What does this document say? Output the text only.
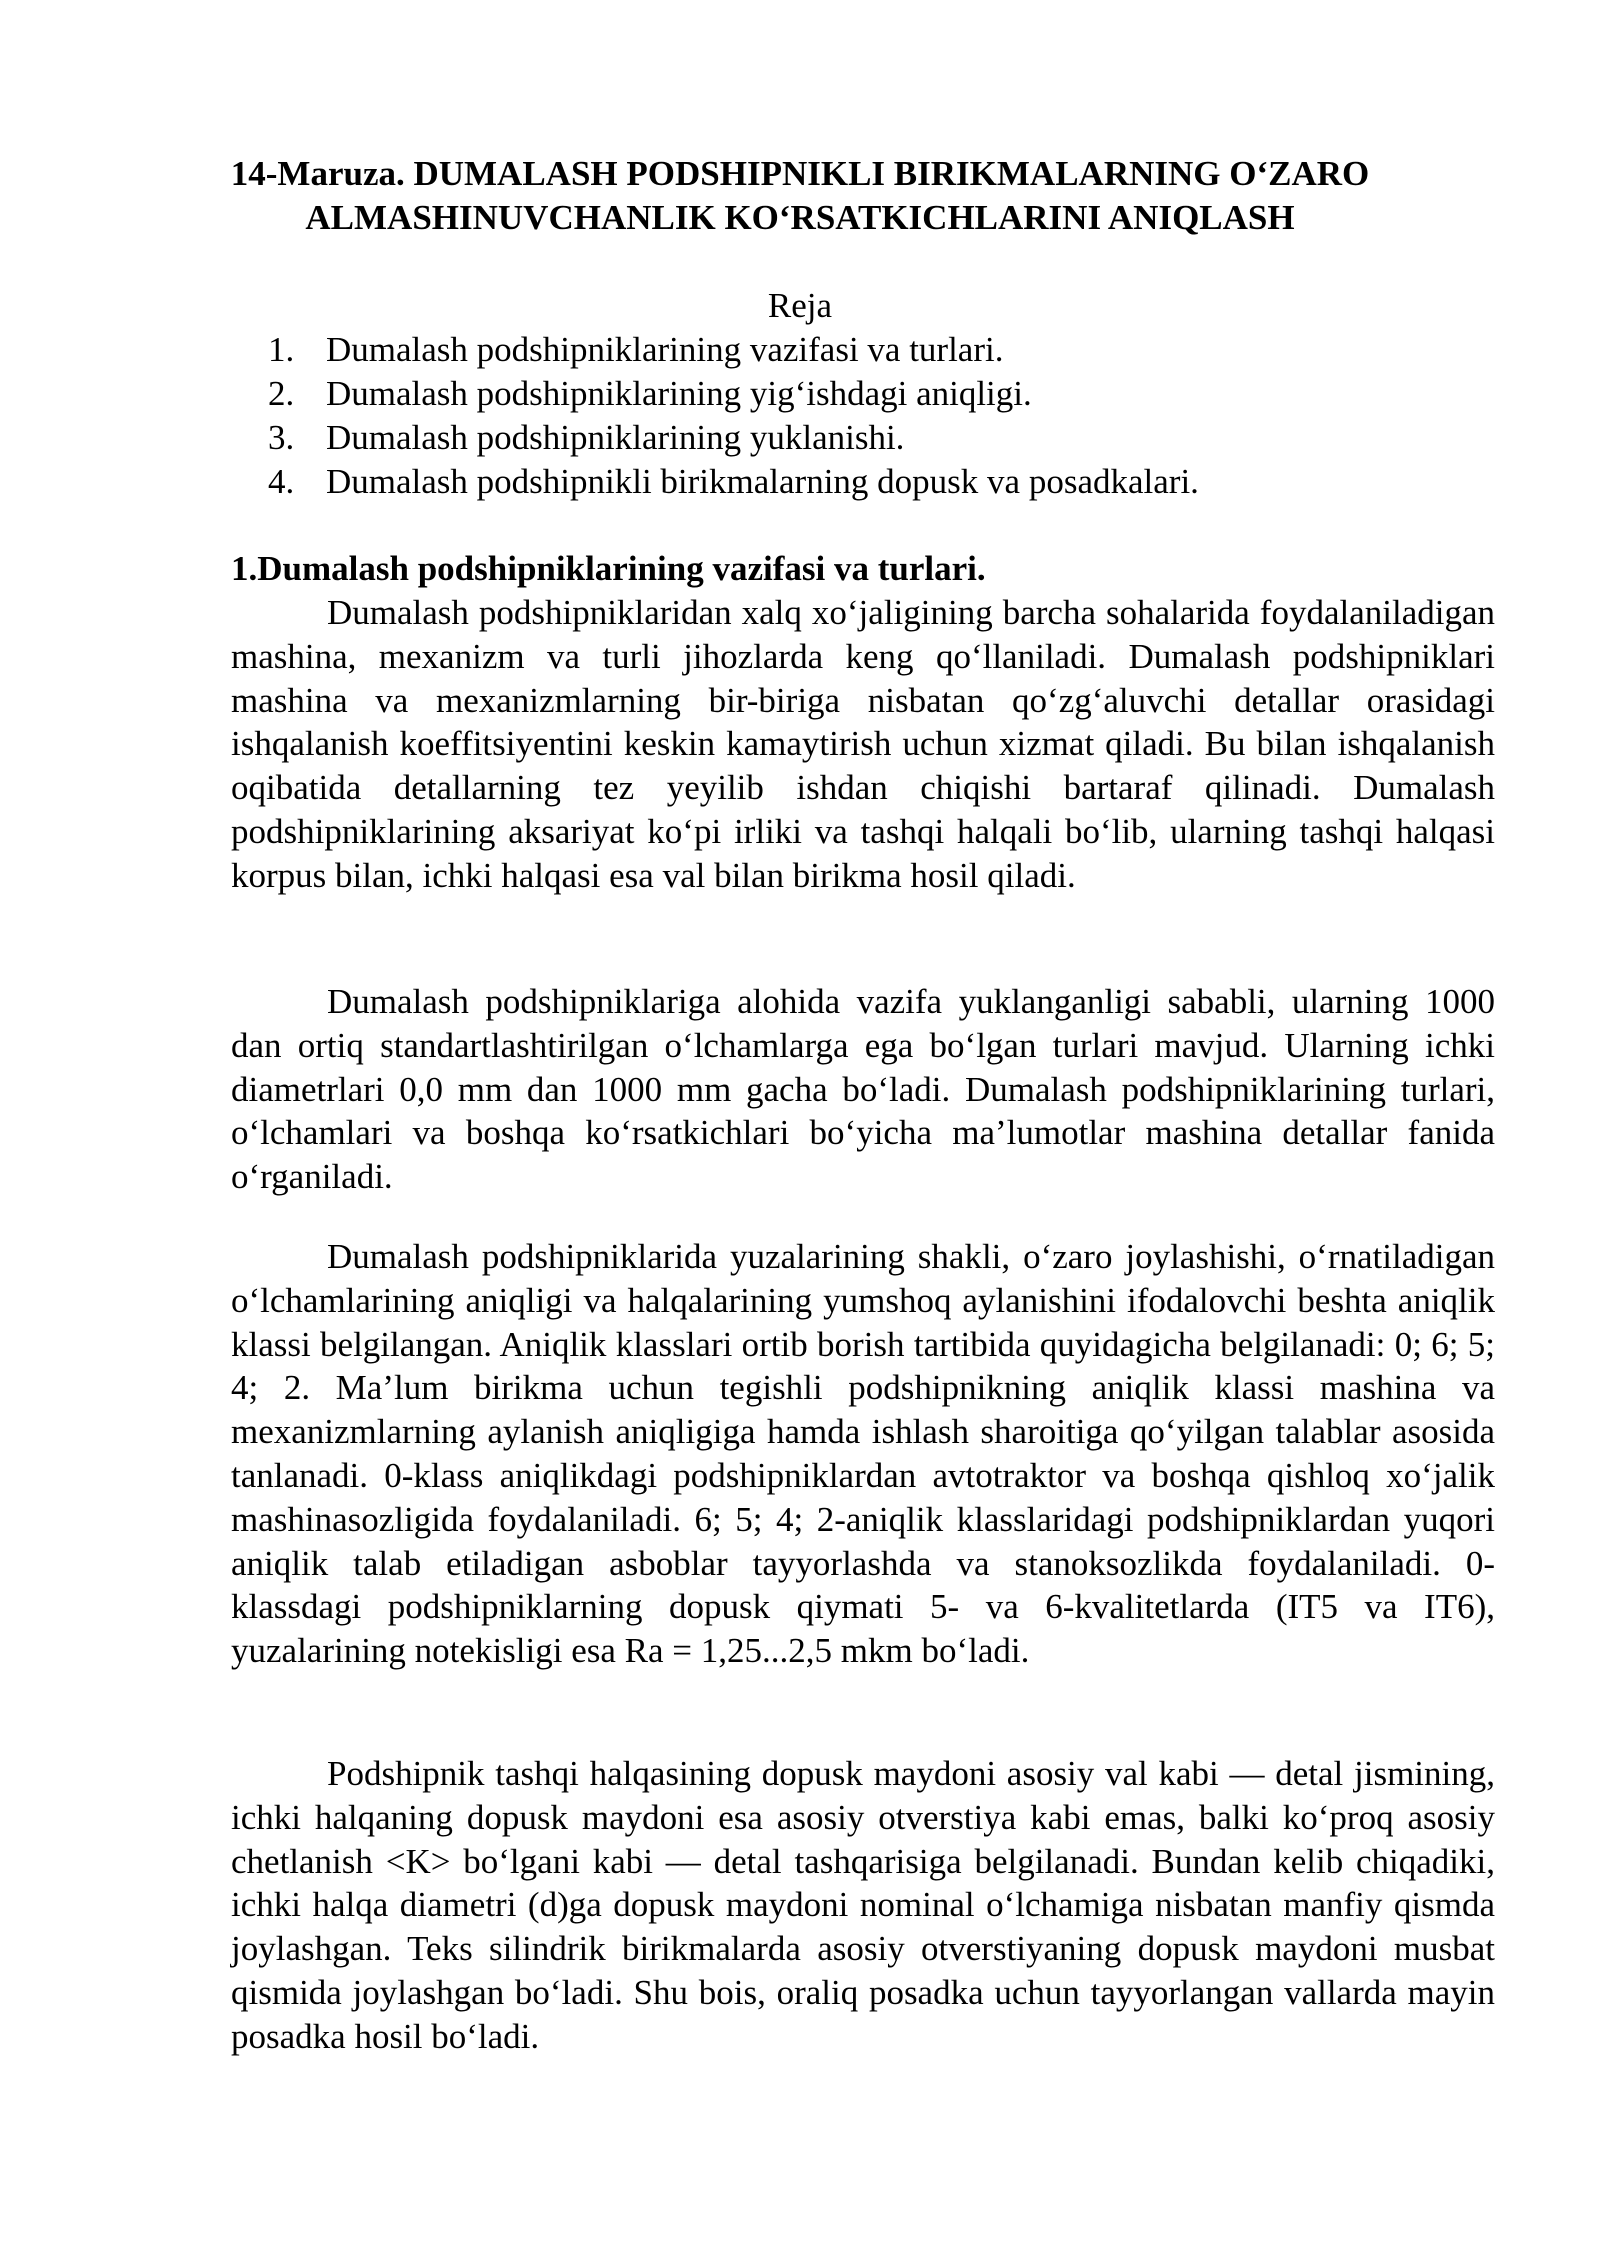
14-Maruza. DUMALASH PODSHIPNIKLI BIRIKMALARNING O‘ZARO
ALMASHINUVCHANLIK KO‘RSATKICHLARINI ANIQLASH

Reja

1. Dumalash podshipniklarining vazifasi va turlari.
2. Dumalash podshipniklarining yig‘ishdagi aniqligi.
3. Dumalash podshipniklarining yuklanishi.
4. Dumalash podshipnikli birikmalarning dopusk va posadkalari.
1.Dumalash podshipniklarining vazifasi va turlari.

Dumalash podshipniklaridan xalq xo‘jaligining barcha sohalarida foydalaniladigan mashina, mexanizm va turli jihozlarda keng qo‘llaniladi. Dumalash podshipniklari mashina va mexanizmlarning bir-biriga nisbatan qo‘zg‘aluvchi detallar orasidagi ishqalanish koeffitsiyentini keskin kamaytirish uchun xizmat qiladi. Bu bilan ishqalanish oqibatida detallarning tez yeyilib ishdan chiqishi bartaraf qilinadi. Dumalash podshipniklarining aksariyat ko‘pi irliki va tashqi halqali bo‘lib, ularning tashqi halqasi korpus bilan, ichki halqasi esa val bilan birikma hosil qiladi.

Dumalash podshipniklariga alohida vazifa yuklanganligi sababli, ularning 1000 dan ortiq standartlashtirilgan o‘lchamlarga ega bo‘lgan turlari mavjud. Ularning ichki diametrlari 0,0 mm dan 1000 mm gacha bo‘ladi. Dumalash podshipniklarining turlari, o‘lchamlari va boshqa ko‘rsatkichlari bo‘yicha ma’lumotlar mashina detallar fanida o‘rganiladi.

Dumalash podshipniklarida yuzalarining shakli, o‘zaro joylashishi, o‘rnatiladigan o‘lchamlarining aniqligi va halqalarining yumshoq aylanishini ifodalovchi beshta aniqlik klassi belgilangan. Aniqlik klasslari ortib borish tartibida quyidagicha belgilanadi: 0; 6; 5; 4; 2. Ma’lum birikma uchun tegishli podshipnikning aniqlik klassi mashina va mexanizmlarning aylanish aniqligiga hamda ishlash sharoitiga qo‘yilgan talablar asosida tanlanadi. 0-klass aniqlikdagi podshipniklardan avtotraktor va boshqa qishloq xo‘jalik mashinasozligida foydalaniladi. 6; 5; 4; 2-aniqlik klasslaridagi podshipniklardan yuqori aniqlik talab etiladigan asboblar tayyorlashda va stanoksozlikda foydalaniladi. 0-klassdagi podshipniklarning dopusk qiymati 5- va 6-kvalitetlarda (IT5 va IT6), yuzalarining notekisligi esa Ra = 1,25...2,5 mkm bo‘ladi.

Podshipnik tashqi halqasining dopusk maydoni asosiy val kabi — detal jismining, ichki halqaning dopusk maydoni esa asosiy otverstiya kabi emas, balki ko‘proq asosiy chetlanish <K> bo‘lgani kabi — detal tashqarisiga belgilanadi. Bundan kelib chiqadiki, ichki halqa diametri (d)ga dopusk maydoni nominal o‘lchamiga nisbatan manfiy qismda joylashgan. Teks silindrik birikmalarda asosiy otverstiyaning dopusk maydoni musbat qismida joylashgan bo‘ladi. Shu bois, oraliq posadka uchun tayyorlangan vallarda mayin posadka hosil bo‘ladi.
